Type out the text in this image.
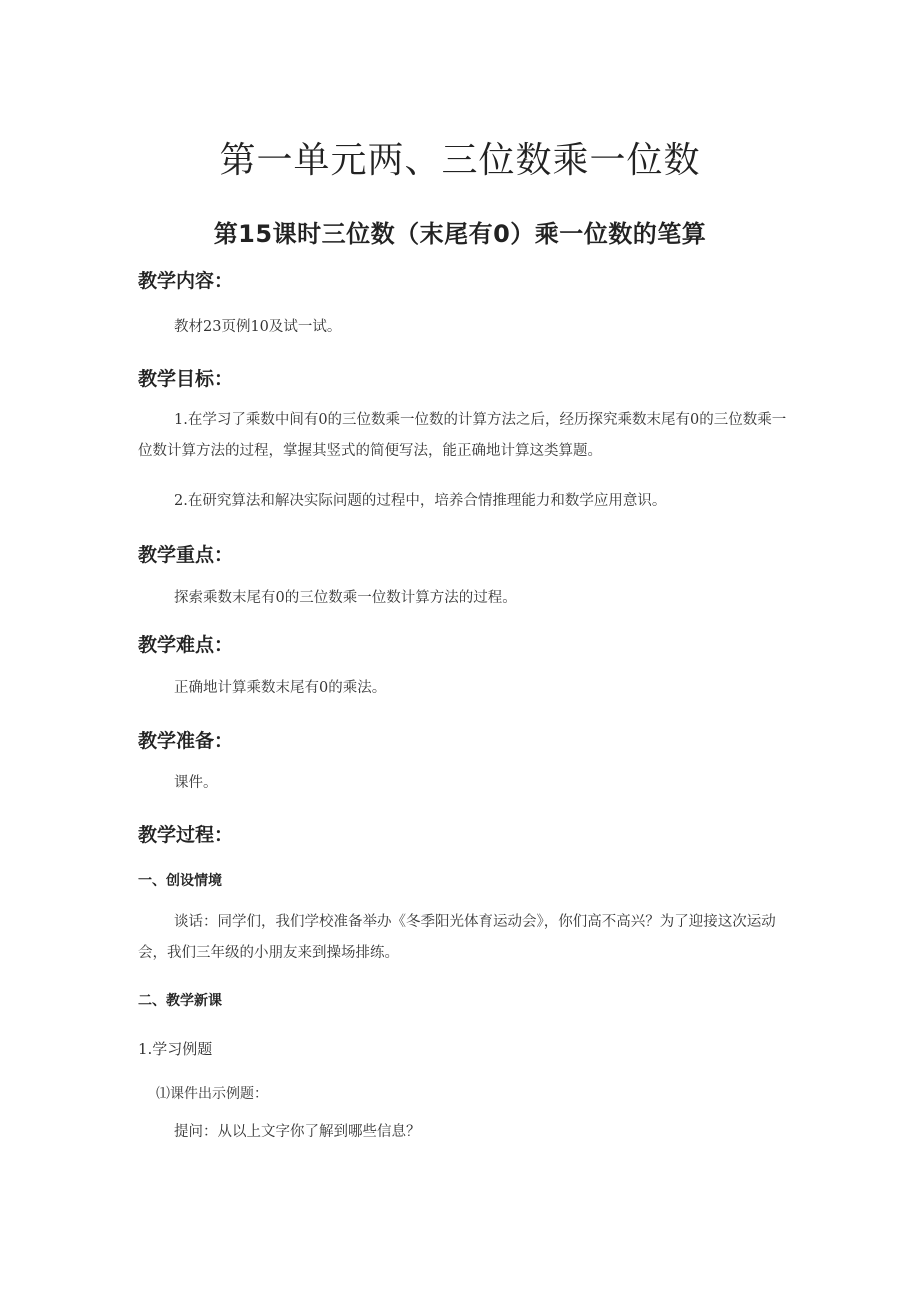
第一单元两、三位数乘一位数
第15课时三位数（末尾有0）乘一位数的笔算
教学内容：

教材23页例10及试一试。

教学目标：

1.在学习了乘数中间有0的三位数乘一位数的计算方法之后，经历探究乘数末尾有0的三位数乘一位数计算方法的过程，掌握其竖式的简便写法，能正确地计算这类算题。

2.在研究算法和解决实际问题的过程中，培养合情推理能力和数学应用意识。

教学重点：

探索乘数末尾有0的三位数乘一位数计算方法的过程。

教学难点：

正确地计算乘数末尾有0的乘法。

教学准备：

课件。

教学过程：
一、创设情境

谈话：同学们，我们学校准备举办《冬季阳光体育运动会》，你们高不高兴？为了迎接这次运动会，我们三年级的小朋友来到操场排练。

二、教学新课

1.学习例题

⑴课件出示例题：

提问：从以上文字你了解到哪些信息？
